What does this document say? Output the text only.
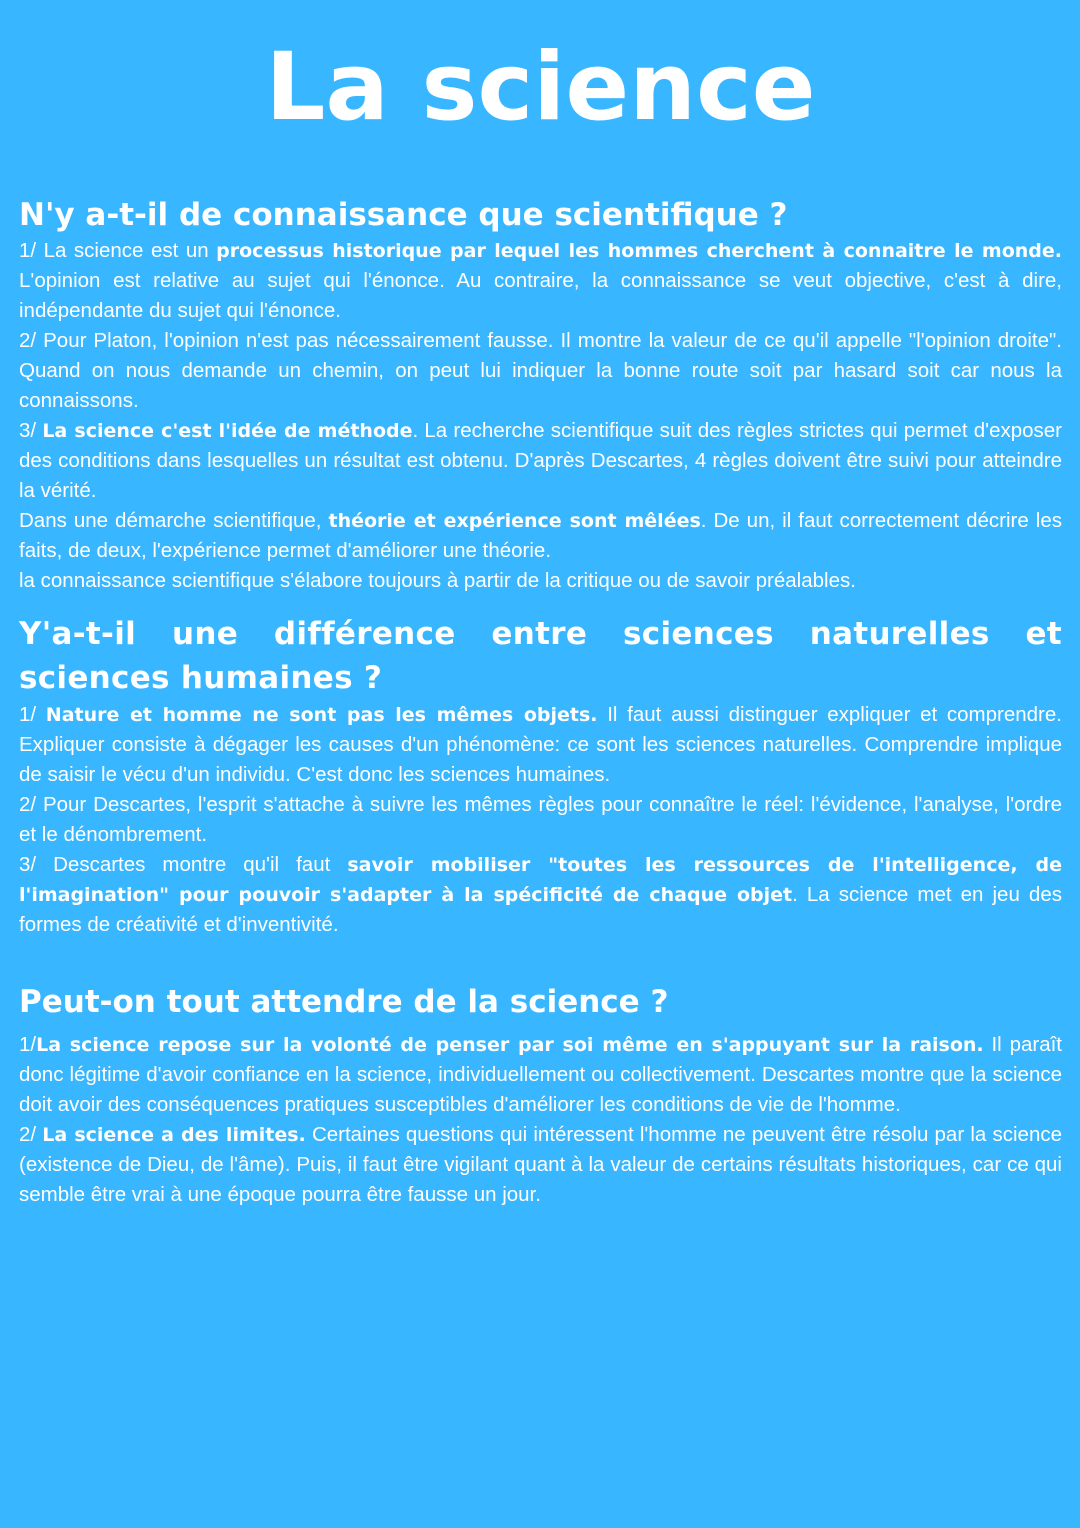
La science
N'y a-t-il de connaissance que scientifique ?

1/ La science est un processus historique par lequel les hommes cherchent à connaitre le monde. L'opinion est relative au sujet qui l'énonce. Au contraire, la connaissance se veut objective, c'est à dire, indépendante du sujet qui l'énonce.

2/ Pour Platon, l'opinion n'est pas nécessairement fausse. Il montre la valeur de ce qu'il appelle "l'opinion droite". Quand on nous demande un chemin, on peut lui indiquer la bonne route soit par hasard soit car nous la connaissons.

3/ La science c'est l'idée de méthode. La recherche scientifique suit des règles strictes qui permet d'exposer des conditions dans lesquelles un résultat est obtenu. D'après Descartes, 4 règles doivent être suivi pour atteindre la vérité.

Dans une démarche scientifique, théorie et expérience sont mêlées. De un, il faut correctement décrire les faits, de deux, l'expérience permet d'améliorer une théorie.

la connaissance scientifique s'élabore toujours à partir de la critique ou de savoir préalables.

Y'a-t-il une différence entre sciences naturelles et sciences humaines ?

1/ Nature et homme ne sont pas les mêmes objets. Il faut aussi distinguer expliquer et comprendre. Expliquer consiste à dégager les causes d'un phénomène: ce sont les sciences naturelles. Comprendre implique de saisir le vécu d'un individu. C'est donc les sciences humaines.

2/ Pour Descartes, l'esprit s'attache à suivre les mêmes règles pour connaître le réel: l'évidence, l'analyse, l'ordre et le dénombrement.

3/ Descartes montre qu'il faut savoir mobiliser "toutes les ressources de l'intelligence, de l'imagination" pour pouvoir s'adapter à la spécificité de chaque objet. La science met en jeu des formes de créativité et d'inventivité.

Peut-on tout attendre de la science ?

1/La science repose sur la volonté de penser par soi même en s'appuyant sur la raison. Il paraît donc légitime d'avoir confiance en la science, individuellement ou collectivement. Descartes montre que la science doit avoir des conséquences pratiques susceptibles d'améliorer les conditions de vie de l'homme.

2/ La science a des limites. Certaines questions qui intéressent l'homme ne peuvent être résolu par la science (existence de Dieu, de l'âme). Puis, il faut être vigilant quant à la valeur de certains résultats historiques, car ce qui semble être vrai à une époque pourra être fausse un jour.
